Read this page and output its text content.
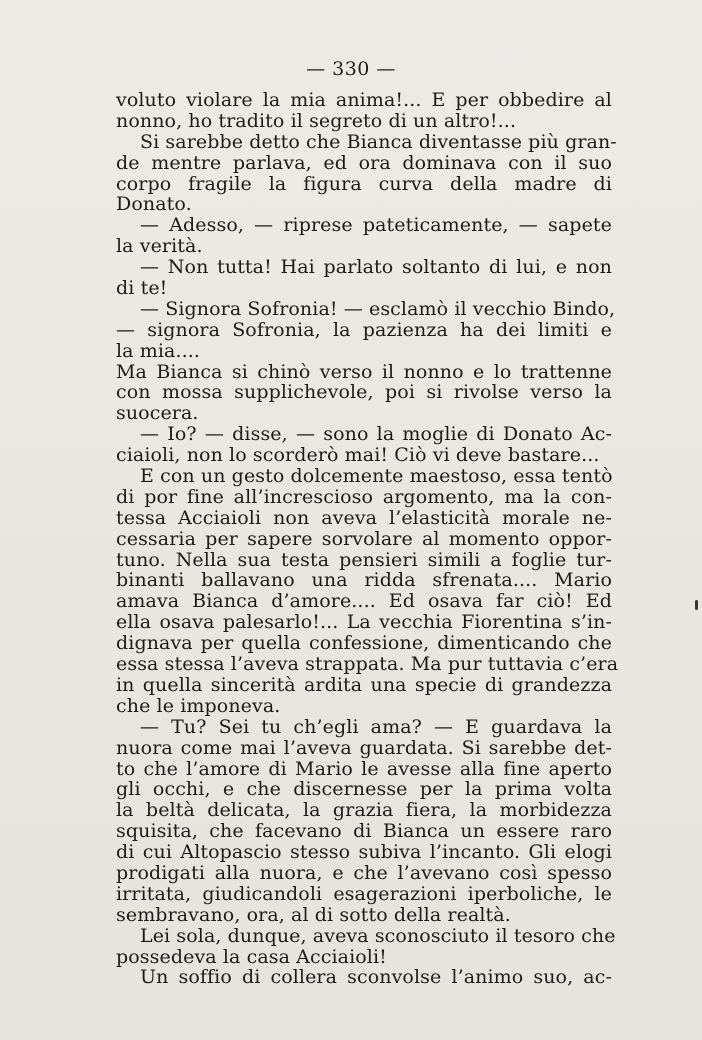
— 330 —
voluto violare la mia anima!... E per obbedire al
nonno, ho tradito il segreto di un altro!...
Si sarebbe detto che Bianca diventasse più gran-
de mentre parlava, ed ora dominava con il suo
corpo fragile la figura curva della madre di
Donato.
— Adesso, — riprese pateticamente, — sapete
la verità.
— Non tutta! Hai parlato soltanto di lui, e non
di te!
— Signora Sofronia! — esclamò il vecchio Bindo,
— signora Sofronia, la pazienza ha dei limiti e
la mia....
Ma Bianca si chinò verso il nonno e lo trattenne
con mossa supplichevole, poi si rivolse verso la
suocera.
— Io? — disse, — sono la moglie di Donato Ac-
ciaioli, non lo scorderò mai! Ciò vi deve bastare...
E con un gesto dolcemente maestoso, essa tentò
di por fine all’increscioso argomento, ma la con-
tessa Acciaioli non aveva l’elasticità morale ne-
cessaria per sapere sorvolare al momento oppor-
tuno. Nella sua testa pensieri simili a foglie tur-
binanti ballavano una ridda sfrenata.... Mario
amava Bianca d’amore.... Ed osava far ciò! Ed
ella osava palesarlo!... La vecchia Fiorentina s’in-
dignava per quella confessione, dimenticando che
essa stessa l’aveva strappata. Ma pur tuttavia c’era
in quella sincerità ardita una specie di grandezza
che le imponeva.
— Tu? Sei tu ch’egli ama? — E guardava la
nuora come mai l’aveva guardata. Si sarebbe det-
to che l’amore di Mario le avesse alla fine aperto
gli occhi, e che discernesse per la prima volta
la beltà delicata, la grazia fiera, la morbidezza
squisita, che facevano di Bianca un essere raro
di cui Altopascio stesso subiva l’incanto. Gli elogi
prodigati alla nuora, e che l’avevano così spesso
irritata, giudicandoli esagerazioni iperboliche, le
sembravano, ora, al di sotto della realtà.
Lei sola, dunque, aveva sconosciuto il tesoro che
possedeva la casa Acciaioli!
Un soffio di collera sconvolse l’animo suo, ac-
